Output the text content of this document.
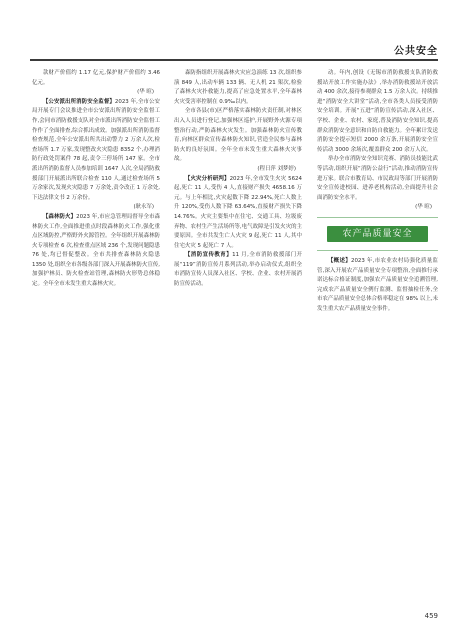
公共安全

款财产价值约 1.17 亿元,保护财产价值约 3.46 亿元。

(华 暄)

【公安派出所消防安全监督】2023 年,全市公安局开展专门会议推进全市公安派出所消防安全监督工作,会同市消防救援支队对全市派出所消防安全监督工作作了全面排查,综合抓出成效。加强派出所消防监督检查规范,全年公安派出所共出动警力 2 万余人次,检查场所 1.7 万家,发现整改火灾隐患 8352 个,办理消防行政处罚案件 78 起,责令三停场所 147 家。全市派出所消防监督人员参加培训 1647 人次,全局消防救援部门开展派出所联合检查 110 人,通过检查场所 5 万余家次,发现火灾隐患 7 万余处,责令改正 1 万余处,下达法律文书 2 万余份。

(耿永军)

【森林防火】2023 年,市应急管理局督导全市森林防火工作,全面推进重点时段森林防火工作,强化重点区域防控,严格野外火源管控。全年组织开展森林防火专项检查 6 次,检查重点区域 236 个,发现问题隐患 76 处,均已督促整改。全市共排查森林防火隐患 1350 处,组织全市各级各部门深入开展森林防火宣传,加强护林员、防火检查站管理,森林防火形势总体稳定。全年全市未发生重大森林火灾。

森防指组织开展森林火灾应急演练 13 次,组织参演 849 人,出动车辆 133 辆、无人机 21 架次,检验了森林火灾扑救能力,提高了应急处置水平,全年森林火灾受害率控制在 0.9‰以内。

全市各县(市)区严格落实森林防火责任制,对林区出入人员进行登记,加强林区巡护,开展野外火源专项整治行动,严防森林火灾发生。加强森林防火宣传教育,向林区群众宣传森林防火知识,营造全民参与森林防火的良好氛围。全年全市未发生重大森林火灾事故。

(程日萍 刘梦婷)

【火灾分析研判】2023 年,全市发生火灾 5624 起,死亡 11 人,受伤 4 人,直接财产损失 4658.16 万元。与上年相比,火灾起数下降 22.94%,死亡人数上升 120%,受伤人数下降 63.64%,直接财产损失下降 14.76%。火灾主要集中在住宅、交通工具、垃圾废弃物、农村生产生活场所等,电气故障是引发火灾的主要原因。全市共发生亡人火灾 9 起,死亡 11 人,其中住宅火灾 5 起死亡 7 人。

【消防宣传教育】11 月,全市消防救援部门开展“119”消防宣传月系列活动,举办启动仪式,组织全市消防宣传人员深入社区、学校、企业、农村开展消防宣传活动。

动。年内,创设《无锡市消防救援支队消防救援站开放工作实施办法》,举办消防救援站开放活动 400 余次,接待参观群众 1.5 万余人次。持续推进“消防安全大讲堂”活动,全市各类人员接受消防安全培训。开展“五进”消防宣传活动,深入社区、学校、企业、农村、家庭,普及消防安全知识,提高群众消防安全意识和自防自救能力。全年累计发送消防安全提示短信 2000 余万条,开展消防安全宣传活动 3000 余场次,覆盖群众 200 余万人次。

举办全市消防安全知识竞赛、消防员技能比武等活动,组织开展“消防公益行”活动,推动消防宣传进万家。联合市教育局、市民政局等部门开展消防安全宣传进校园、进养老机构活动,全面提升社会面消防安全水平。

(华 暄)

农产品质量安全

【概述】2023 年,市农业农村局强化质量监管,深入开展农产品质量安全专项整治,全面推行承诺达标合格证制度,加强农产品质量安全追溯管理,完成农产品质量安全例行监测、监督抽检任务,全市农产品质量安全总体合格率稳定在 98% 以上,未发生重大农产品质量安全事件。

459
